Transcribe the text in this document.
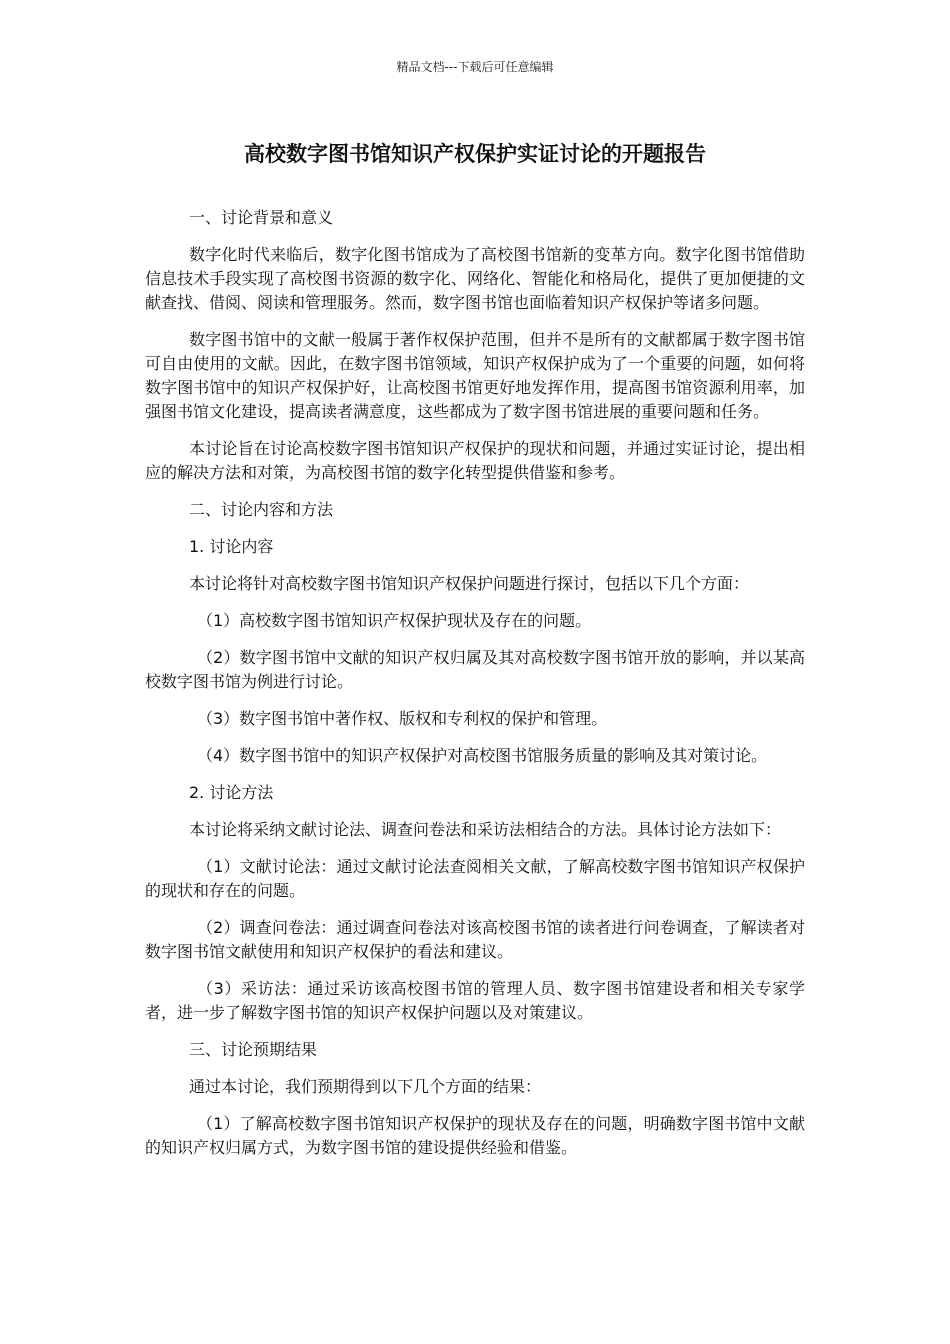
精品文档---下载后可任意编辑
高校数字图书馆知识产权保护实证讨论的开题报告

一、讨论背景和意义

数字化时代来临后，数字化图书馆成为了高校图书馆新的变革方向。数字化图书馆借助信息技术手段实现了高校图书资源的数字化、网络化、智能化和格局化，提供了更加便捷的文献查找、借阅、阅读和管理服务。然而，数字图书馆也面临着知识产权保护等诸多问题。

数字图书馆中的文献一般属于著作权保护范围，但并不是所有的文献都属于数字图书馆可自由使用的文献。因此，在数字图书馆领域，知识产权保护成为了一个重要的问题，如何将数字图书馆中的知识产权保护好，让高校图书馆更好地发挥作用，提高图书馆资源利用率，加强图书馆文化建设，提高读者满意度，这些都成为了数字图书馆进展的重要问题和任务。

本讨论旨在讨论高校数字图书馆知识产权保护的现状和问题，并通过实证讨论，提出相应的解决方法和对策，为高校图书馆的数字化转型提供借鉴和参考。

二、讨论内容和方法

1. 讨论内容

本讨论将针对高校数字图书馆知识产权保护问题进行探讨，包括以下几个方面：

（1）高校数字图书馆知识产权保护现状及存在的问题。

（2）数字图书馆中文献的知识产权归属及其对高校数字图书馆开放的影响，并以某高校数字图书馆为例进行讨论。

（3）数字图书馆中著作权、版权和专利权的保护和管理。

（4）数字图书馆中的知识产权保护对高校图书馆服务质量的影响及其对策讨论。

2. 讨论方法

本讨论将采纳文献讨论法、调查问卷法和采访法相结合的方法。具体讨论方法如下：

（1）文献讨论法：通过文献讨论法查阅相关文献，了解高校数字图书馆知识产权保护的现状和存在的问题。

（2）调查问卷法：通过调查问卷法对该高校图书馆的读者进行问卷调查，了解读者对数字图书馆文献使用和知识产权保护的看法和建议。

（3）采访法：通过采访该高校图书馆的管理人员、数字图书馆建设者和相关专家学者，进一步了解数字图书馆的知识产权保护问题以及对策建议。

三、讨论预期结果

通过本讨论，我们预期得到以下几个方面的结果：

（1）了解高校数字图书馆知识产权保护的现状及存在的问题，明确数字图书馆中文献的知识产权归属方式，为数字图书馆的建设提供经验和借鉴。
